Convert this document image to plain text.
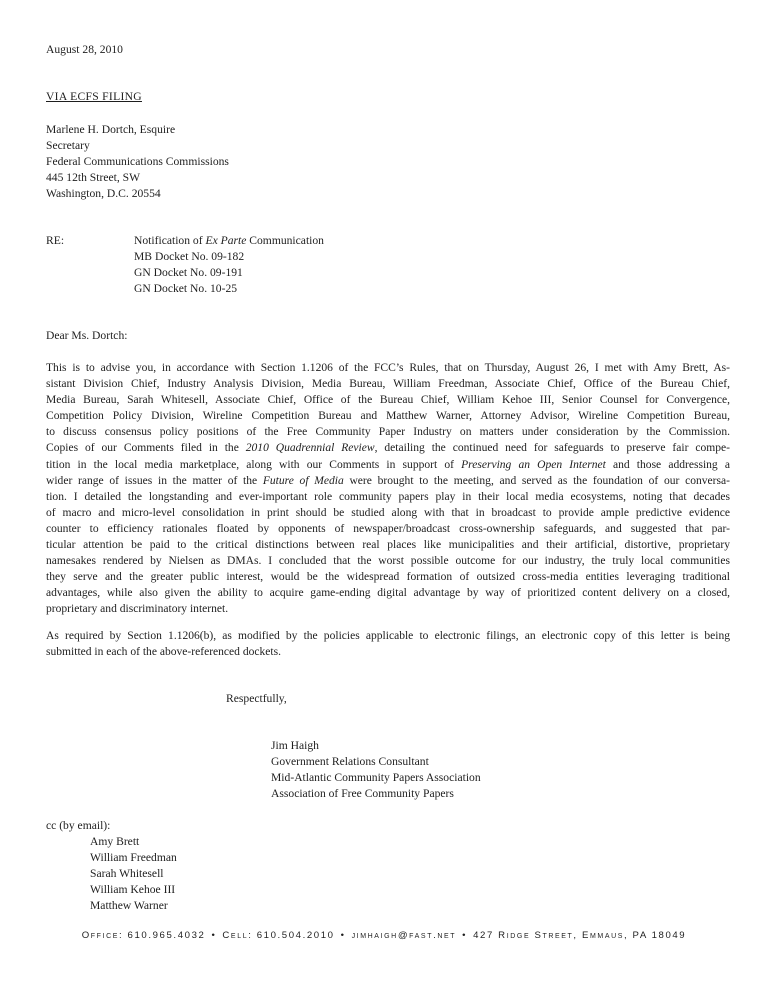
August 28, 2010

VIA ECFS FILING

Marlene H. Dortch, Esquire
Secretary
Federal Communications Commissions
445 12th Street, SW
Washington, D.C. 20554

RE:	Notification of Ex Parte Communication
MB Docket No. 09-182
GN Docket No. 09-191
GN Docket No. 10-25

Dear Ms. Dortch:

This is to advise you, in accordance with Section 1.1206 of the FCC’s Rules, that on Thursday, August 26, I met with Amy Brett, As-
sistant Division Chief, Industry Analysis Division, Media Bureau, William Freedman, Associate Chief, Office of the Bureau Chief,
Media Bureau, Sarah Whitesell, Associate Chief, Office of the Bureau Chief, William Kehoe III, Senior Counsel for Convergence,
Competition Policy Division, Wireline Competition Bureau and Matthew Warner, Attorney Advisor, Wireline Competition Bureau,
to discuss consensus policy positions of the Free Community Paper Industry on matters under consideration by the Commission.
Copies of our Comments filed in the 2010 Quadrennial Review, detailing the continued need for safeguards to preserve fair compe-
tition in the local media marketplace, along with our Comments in support of Preserving an Open Internet and those addressing a
wider range of issues in the matter of the Future of Media were brought to the meeting, and served as the foundation of our conversa-
tion. I detailed the longstanding and ever-important role community papers play in their local media ecosystems, noting that decades
of macro and micro-level consolidation in print should be studied along with that in broadcast to provide ample predictive evidence
counter to efficiency rationales floated by opponents of newspaper/broadcast cross-ownership safeguards, and suggested that par-
ticular attention be paid to the critical distinctions between real places like municipalities and their artificial, distortive, proprietary
namesakes rendered by Nielsen as DMAs. I concluded that the worst possible outcome for our industry, the truly local communities
they serve and the greater public interest, would be the widespread formation of outsized cross-media entities leveraging traditional
advantages, while also given the ability to acquire game-ending digital advantage by way of prioritized content delivery on a closed,
proprietary and discriminatory internet.
As required by Section 1.1206(b), as modified by the policies applicable to electronic filings, an electronic copy of this letter is being
submitted in each of the above-referenced dockets.

Respectfully,

Jim Haigh
Government Relations Consultant
Mid-Atlantic Community Papers Association
Association of Free Community Papers

cc (by email):

Amy Brett
William Freedman
Sarah Whitesell
William Kehoe III
Matthew Warner
Office: 610.965.4032 • Cell: 610.504.2010 • jimhaigh@fast.net • 427 Ridge Street, Emmaus, PA 18049
